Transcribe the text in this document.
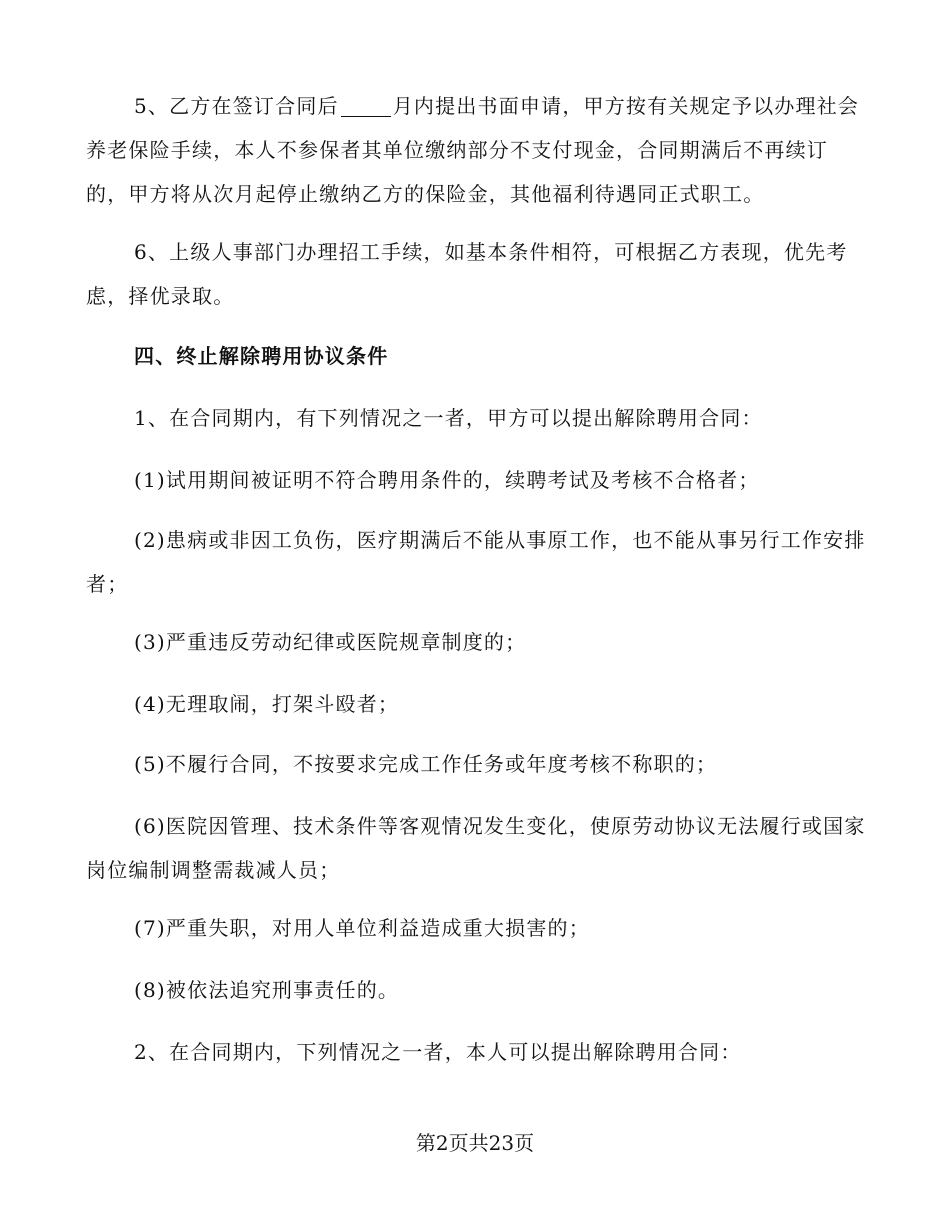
5、乙方在签订合同后	月内提出书面申请，甲方按有关规定予以办理社会养老保险手续，本人不参保者其单位缴纳部分不支付现金，合同期满后不再续订的，甲方将从次月起停止缴纳乙方的保险金，其他福利待遇同正式职工。

6、上级人事部门办理招工手续，如基本条件相符，可根据乙方表现，优先考虑，择优录取。

四、终止解除聘用协议条件

1、在合同期内，有下列情况之一者，甲方可以提出解除聘用合同：

(1)试用期间被证明不符合聘用条件的，续聘考试及考核不合格者；

(2)患病或非因工负伤，医疗期满后不能从事原工作，也不能从事另行工作安排者；

(3)严重违反劳动纪律或医院规章制度的；

(4)无理取闹，打架斗殴者；

(5)不履行合同，不按要求完成工作任务或年度考核不称职的；

(6)医院因管理、技术条件等客观情况发生变化，使原劳动协议无法履行或国家岗位编制调整需裁减人员；

(7)严重失职，对用人单位利益造成重大损害的；

(8)被依法追究刑事责任的。

2、在合同期内，下列情况之一者，本人可以提出解除聘用合同：

第2页共23页
